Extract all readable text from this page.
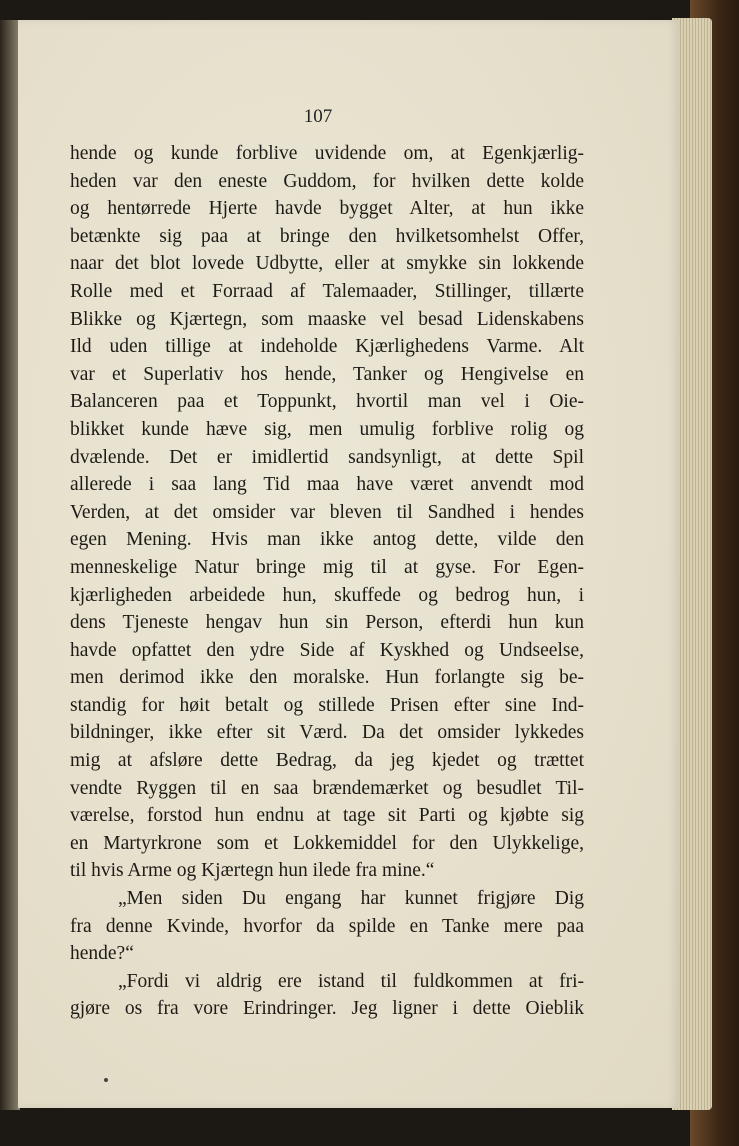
107
hende og kunde forblive uvidende om, at Egenkjærlig-
heden var den eneste Guddom, for hvilken dette kolde
og hentørrede Hjerte havde bygget Alter, at hun ikke
betænkte sig paa at bringe den hvilketsomhelst Offer,
naar det blot lovede Udbytte, eller at smykke sin lokkende
Rolle med et Forraad af Talemaader, Stillinger, tillærte
Blikke og Kjærtegn, som maaske vel besad Lidenskabens
Ild uden tillige at indeholde Kjærlighedens Varme. Alt
var et Superlativ hos hende, Tanker og Hengivelse en
Balanceren paa et Toppunkt, hvortil man vel i Oie-
blikket kunde hæve sig, men umulig forblive rolig og
dvælende. Det er imidlertid sandsynligt, at dette Spil
allerede i saa lang Tid maa have været anvendt mod
Verden, at det omsider var bleven til Sandhed i hendes
egen Mening. Hvis man ikke antog dette, vilde den
menneskelige Natur bringe mig til at gyse. For Egen-
kjærligheden arbeidede hun, skuffede og bedrog hun, i
dens Tjeneste hengav hun sin Person, efterdi hun kun
havde opfattet den ydre Side af Kyskhed og Undseelse,
men derimod ikke den moralske. Hun forlangte sig be-
standig for høit betalt og stillede Prisen efter sine Ind-
bildninger, ikke efter sit Værd. Da det omsider lykkedes
mig at afsløre dette Bedrag, da jeg kjedet og trættet
vendte Ryggen til en saa brændemærket og besudlet Til-
værelse, forstod hun endnu at tage sit Parti og kjøbte sig
en Martyrkrone som et Lokkemiddel for den Ulykkelige,
til hvis Arme og Kjærtegn hun ilede fra mine.“
„Men siden Du engang har kunnet frigjøre Dig
fra denne Kvinde, hvorfor da spilde en Tanke mere paa
hende?“
„Fordi vi aldrig ere istand til fuldkommen at fri-
gjøre os fra vore Erindringer. Jeg ligner i dette Oieblik
